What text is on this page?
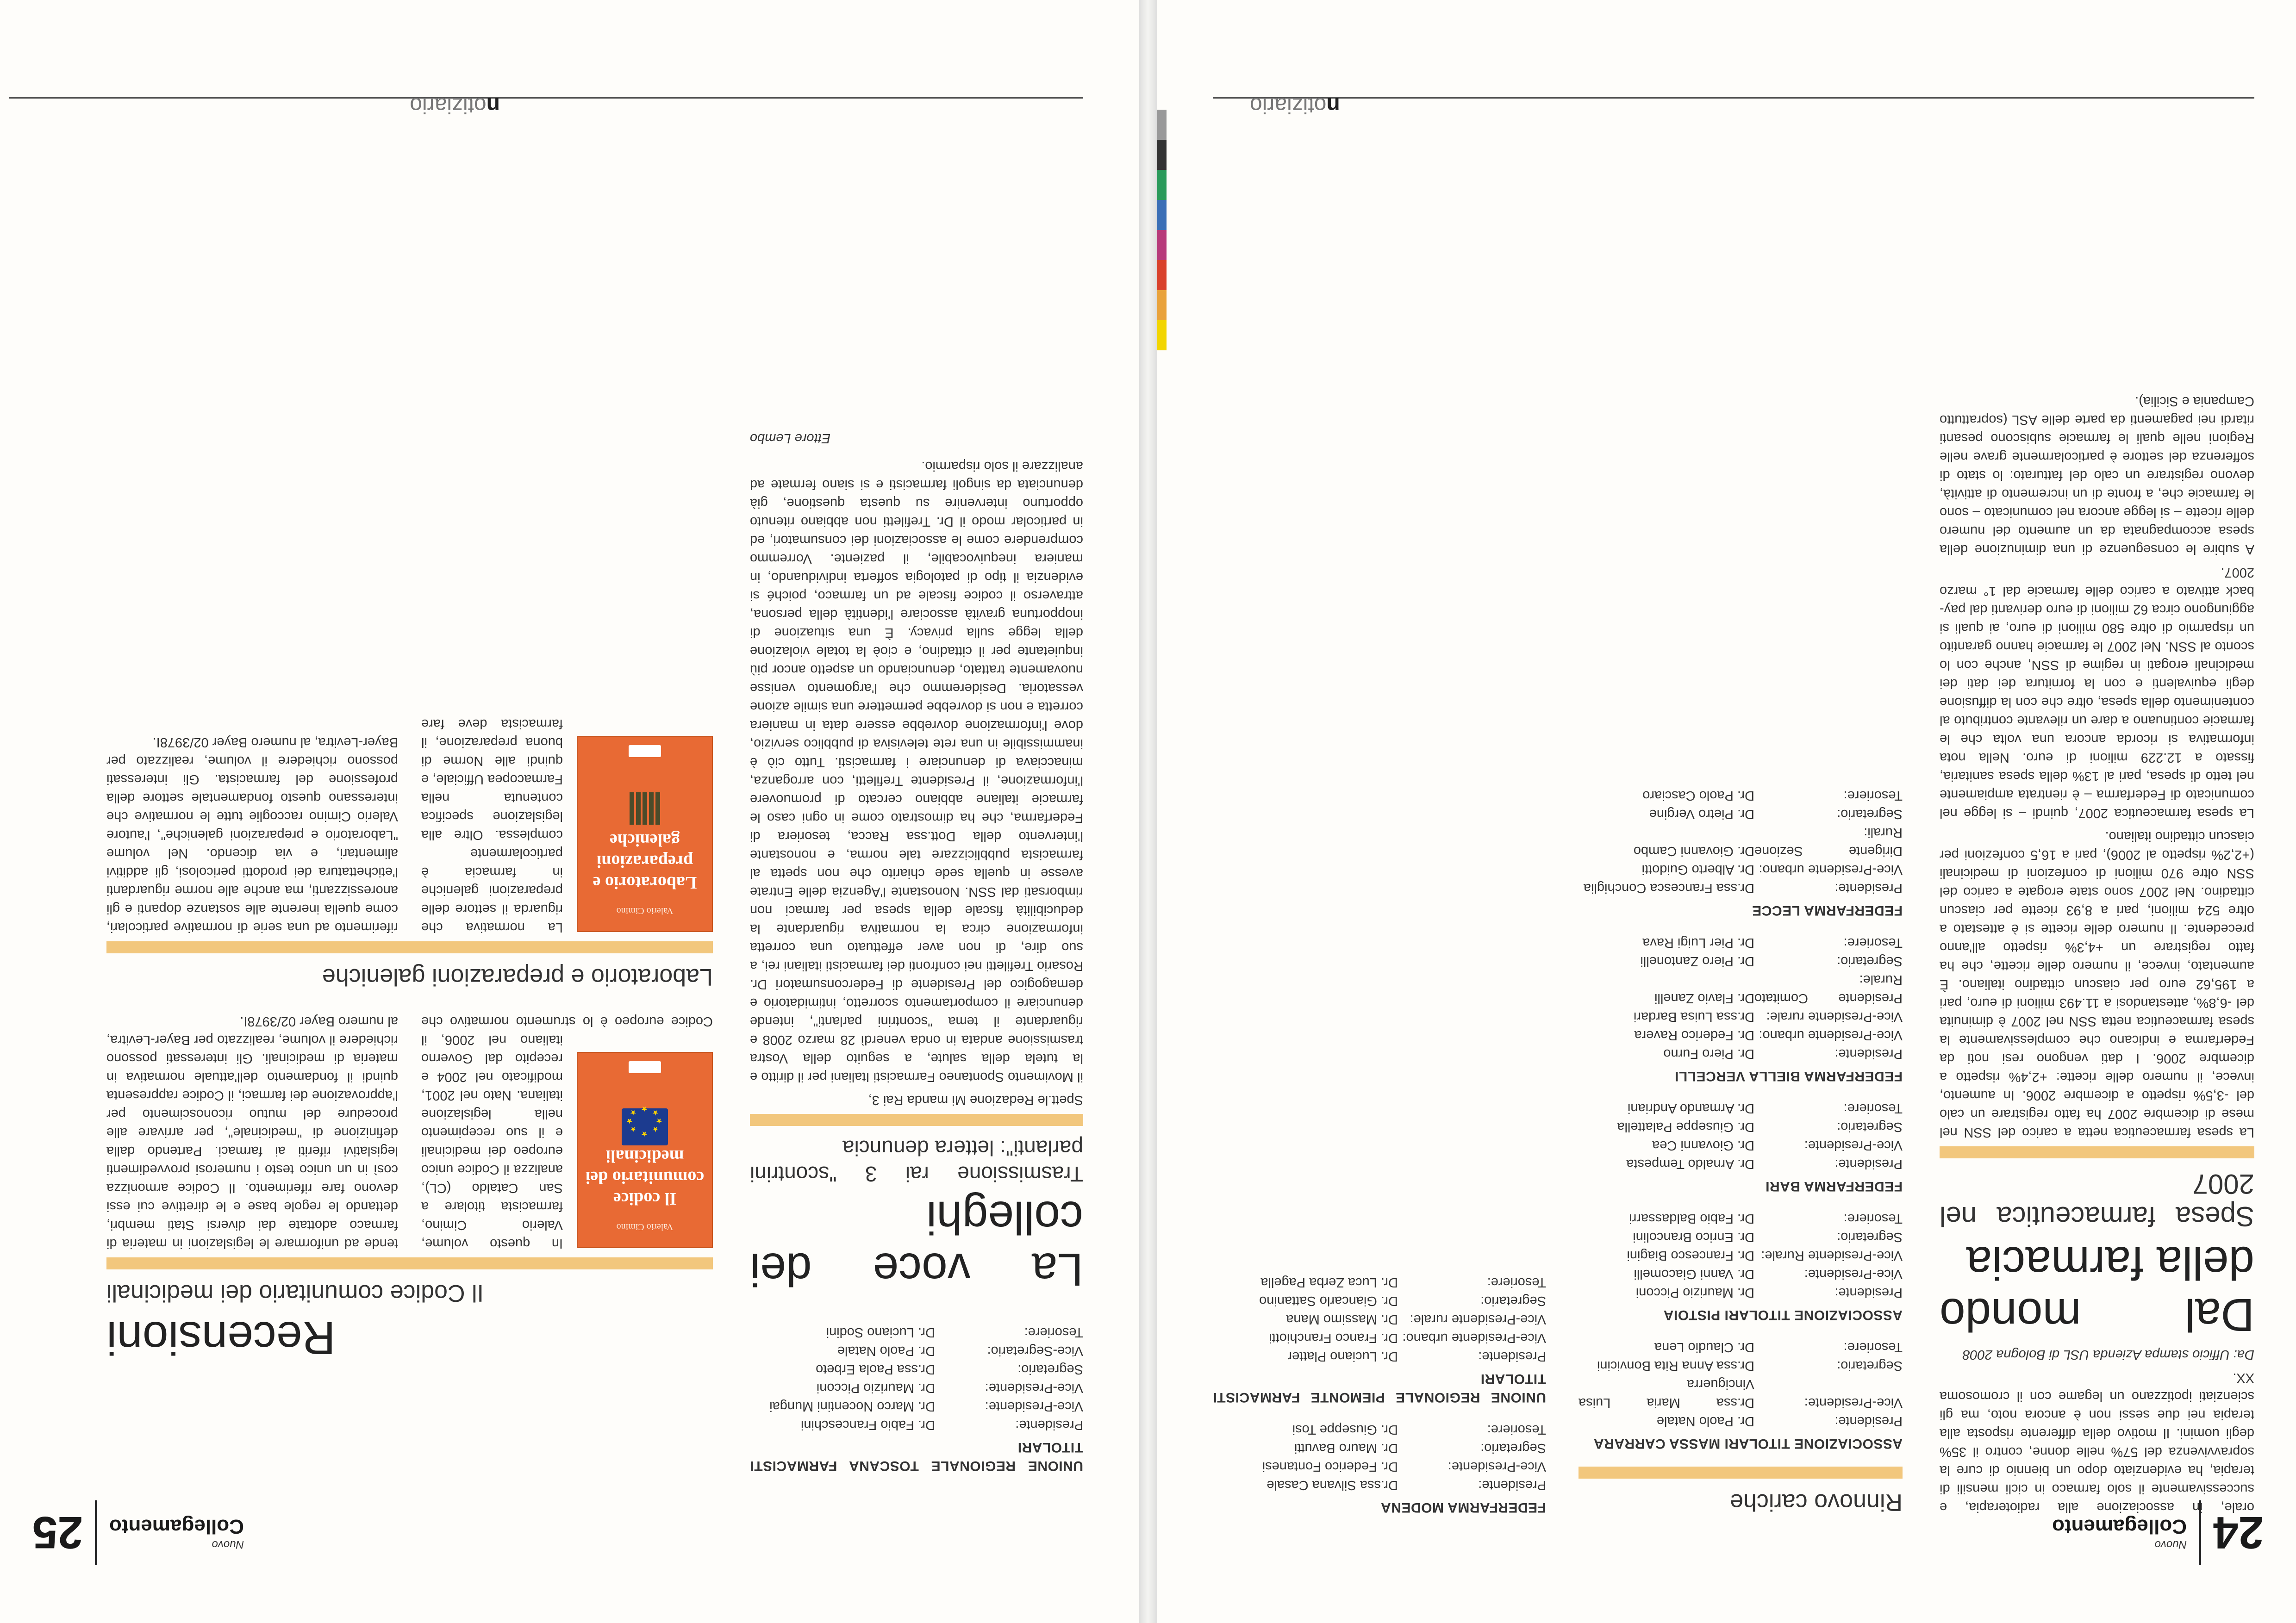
24
Nuovo
Collegamento

orale, in associazione alla radioterapia, e successivamente il solo farmaco in cicli mensili di terapia, ha evidenziato dopo un biennio di cure la sopravvivenza del 57% nelle donne, contro il 35% degli uomini. Il motivo della differente risposta alla terapia nei due sessi non è ancora noto, ma gli scienziati ipotizzano un legame con il cromosoma XX.

Da: Ufficio stampa Azienda USL di Bologna 2008

Dal mondo della farmacia
Spesa farmaceutica nel 2007

La spesa farmaceutica netta a carico del SSN nel mese di dicembre 2007 ha fatto registrare un calo del -3,5% rispetto a dicembre 2006. In aumento, invece, il numero delle ricette: +2,4% rispetto a dicembre 2006. I dati vengono resi noti da Federfarma e indicano che complessivamente la spesa farmaceutica netta SSN nel 2007 è diminuita del -6,8%, attestandosi a 11.493 milioni di euro, pari a 195,62 euro per ciascun cittadino italiano. È aumentato, invece, il numero delle ricette, che ha fatto registrare un +4,3% rispetto all'anno precedente. Il numero delle ricette si è attestato a oltre 524 milioni, pari a 8,93 ricette per ciascun cittadino. Nel 2007 sono state erogate a carico del SSN oltre 970 milioni di confezioni di medicinali (+2,2% rispetto al 2006), pari a 16,5 confezioni per ciascun cittadino italiano.

La spesa farmaceutica 2007, quindi – si legge nel comunicato di Federfarma – è rientrata ampiamente nel tetto di spesa, pari al 13% della spesa sanitaria, fissato a 12.229 milioni di euro. Nella nota informativa si ricorda ancora una volta che le farmacie continuano a dare un rilevante contributo al contenimento della spesa, oltre che con la diffusione degli equivalenti e con la fornitura dei dati dei medicinali erogati in regime di SSN, anche con lo sconto al SSN. Nel 2007 le farmacie hanno garantito un risparmio di oltre 580 milioni di euro, ai quali si aggiungono circa 62 milioni di euro derivanti dal pay-back attivato a carico delle farmacie dal 1° marzo 2007.

A subire le conseguenze di una diminuzione della spesa accompagnata da un aumento del numero delle ricette – si legge ancora nel comunicato – sono le farmacie che, a fronte di un incremento di attività, devono registrare un calo del fatturato: lo stato di sofferenza del settore è particolarmente grave nelle Regioni nelle quali le farmacie subiscono pesanti ritardi nei pagamenti da parte delle ASL (soprattutto Campania e Sicilia).

Rinnovo cariche
ASSOCIAZIONE TITOLARI MASSA CARRARA
Presidente:
Dr. Paolo Natale
Vice-Presidente:
Dr.ssa Maria Luisa Vinciguerra
Segretario:
Dr.ssa Anna Rita Bonvicini
Tesoriere:
Dr. Claudio Lena
ASSOCIAZIONE TITOLARI PISTOIA
Presidente:
Dr. Maurizio Picconi
Vice-Presidente:
Dr. Vanni Giacomelli
Vice-Presidente Rurale:
Dr. Francesco Biagini
Segretario:
Dr. Enrico Brancolini
Tesoriere:
Dr. Fabio Baldassarri
FEDERFARMA BARI
Presidente:
Dr. Arnaldo Tempesta
Vice-Presidente:
Dr. Giovanni Cea
Segretario:
Dr. Giuseppe Palattella
Tesoriere:
Dr. Armando Andriani
FEDERFARMA BIELLA VERCELLI
Presidente:
Dr. Piero Furno
Vice-Presidente urbano:
Dr. Federico Ravera
Vice-Presidente rurale:
Dr.ssa Luisa Bardari
Presidente Comitato Rurale:
Dr. Flavio Zanelli
Segretario:
Dr. Piero Zantonelli
Tesoriere:
Dr. Pier Luigi Rava
FEDERFARMA LECCE
Presidente:
Dr.ssa Francesca Conchiglia
Vice-Presidente urbano:
Dr. Alberto Guidotti
Dirigente Sezione Rurali:
Dr. Giovanni Cambo
Segretario:
Dr. Pietro Vergine
Tesoriere:
Dr. Paolo Casciaro
FEDERFARMA MODENA
Presidente:
Dr.ssa Silvana Casale
Vice-Presidente:
Dr. Federico Fontanesi
Segretario:
Dr. Mauro Bavutti
Tesoriere:
Dr. Giuseppe Tosi
UNIONE REGIONALE PIEMONTE FARMACISTI TITOLARI
Presidente:
Dr. Luciano Platter
Vice-Presidente urbano:
Dr. Franco Franchiotti
Vice-Presidente rurale:
Dr. Massimo Mana
Segretario:
Dr. Giancarlo Sattanino
Tesoriere:
Dr. Luca Zerba Pagella
n
otiziario
25	Nuovo
Collegamento
UNIONE REGIONALE TOSCANA FARMACISTI TITOLARI
Presidente:
Dr. Fabio Franceschini
Vice-Presidente:
Dr. Marco Nocentini Mungai
Vice-Presidente:
Dr. Maurizio Picconi
Segretario:
Dr.ssa Paola Erbeto
Vice-Segretario:
Dr. Paolo Natale
Tesoriere:
Dr. Luciano Sodini
La voce dei colleghi
Trasmissione rai 3 "scontrini parlanti": lettera denuncia

Spett.le Redazione Mi manda Rai 3,

il Movimento Spontaneo Farmacisti Italiani per il diritto e la tutela della salute, a seguito della Vostra trasmissione andata in onda venerdì 28 marzo 2008 e riguardante il tema "scontrini parlanti", intende denunciare il comportamento scorretto, intimidatorio e demagogico del Presidente di Federconsumatori Dr. Rosario Trefiletti nei confronti dei farmacisti italiani rei, a suo dire, di non aver effettuato una corretta informazione circa la normativa riguardante la deducibilità fiscale della spesa per farmaci non rimborsati dal SSN. Nonostante l'Agenzia delle Entrate avesse in quella sede chiarito che non spetta al farmacista pubblicizzare tale norma, e nonostante l'intervento della Dott.ssa Racca, tesoriera di Federfarma, che ha dimostrato come in ogni caso le farmacie italiane abbiano cercato di promuovere l'informazione, il Presidente Trefiletti, con arroganza, minacciava di denunciare i farmacisti. Tutto ciò è inammissibile in una rete televisiva di pubblico servizio, dove l'informazione dovrebbe essere data in maniera corretta e non si dovrebbe permettere una simile azione vessatoria. Desideremmo che l'argomento venisse nuovamente trattato, denunciando un aspetto ancor più inquietante per il cittadino, e cioè la totale violazione della legge sulla privacy. È una situazione di inopportuna gravità associare l'identità della persona, attraverso il codice fiscale ad un farmaco, poiché si evidenzia il tipo di patologia sofferta individuando, in maniera inequivocabile, il paziente. Vorremmo comprendere come le associazioni dei consumatori, ed in particolar modo il Dr. Trefiletti non abbiano ritenuto opportuno intervenire su questa questione, già denunciata da singoli farmacisti e si siano fermate ad analizzare il solo risparmio.

Ettore Lembo
Recensioni
Il Codice comunitario dei medicinali
Valerio Cimino
Il codice comunitario dei medicinali
★
★
★
★
★
★
★ ★

In questo volume, Valerio Cimino, farmacista titolare a San Cataldo (CL), analizza il Codice unico europeo dei medicinali e il suo recepimento nella legislazione italiana. Nato nel 2001, modificato nel 2004 e recepito dal Governo italiano nel 2006, il Codice europeo è lo strumento normativo che tende ad uniformare le legislazioni in materia di farmaco adottate dai diversi Stati membri, dettando le regole base e le direttive cui essi devono fare riferimento. Il Codice armonizza così in un unico testo i numerosi provvedimenti legislativi riferiti ai farmaci. Partendo dalla definizione di "medicinale", per arrivare alle procedure del mutuo riconoscimento per l'approvazione dei farmaci, il Codice rappresenta quindi il fondamento dell'attuale normativa in materia di medicinali. Gli interessati possono richiedere il volume, realizzato per Bayer-Levitra, al numero Bayer 02/3978I.

Laboratorio e preparazioni galeniche
Valerio Cimino
Laboratorio e preparazioni galeniche

La normativa che riguarda il settore delle preparazioni galeniche in farmacia è particolarmente complessa. Oltre alla legislazione specifica contenuta nella Farmacopea Ufficiale, e quindi alle Norme di buona preparazione, il farmacista deve fare riferimento ad una serie di normative particolari, come quella inerente alle sostanze dopanti e gli anoressizzanti, ma anche alle norme riguardanti l'etichettatura dei prodotti pericolosi, gli additivi alimentari, e via dicendo. Nel volume "Laboratorio e preparazioni galeniche", l'autore Valerio Cimino raccoglie tutte le normative che interessano questo fondamentale settore della professione del farmacista. Gli interessati possono richiedere il volume, realizzato per Bayer-Levitra, al numero Bayer 02/3978I.

n
otiziario
